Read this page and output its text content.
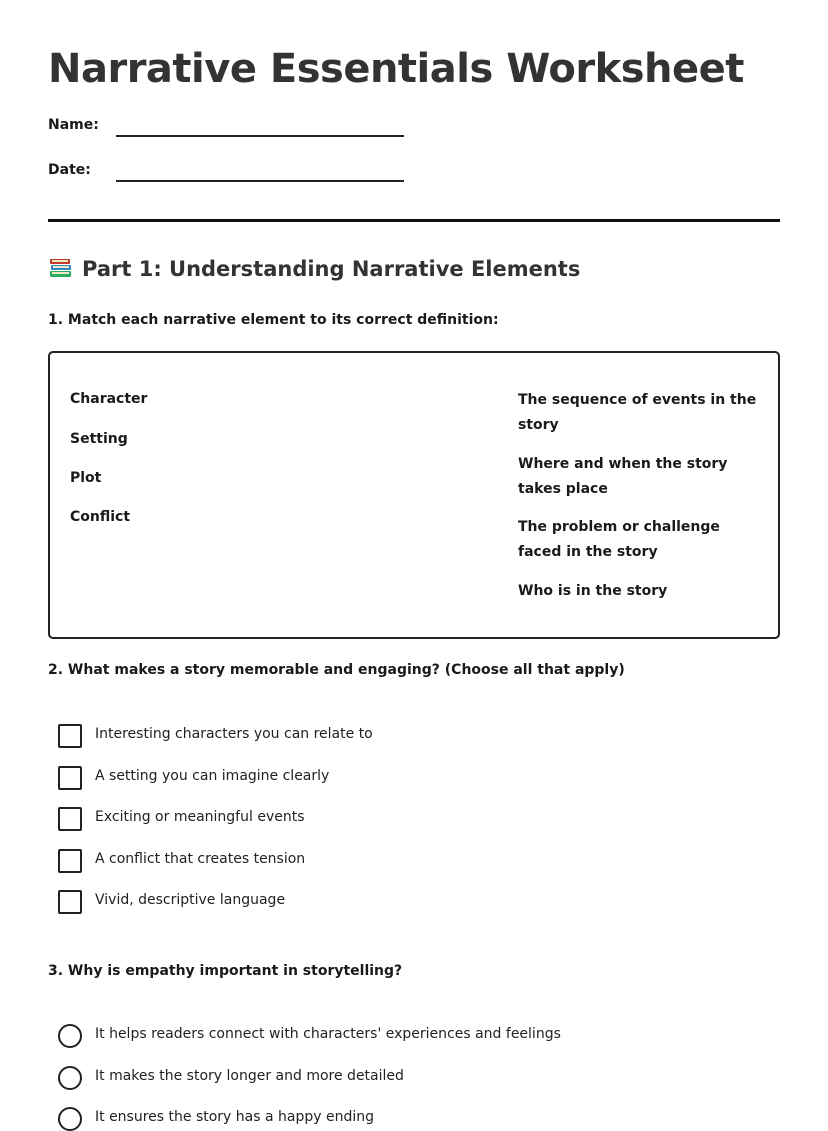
Narrative Essentials Worksheet
Name:
Date:
Part 1: Understanding Narrative Elements
1. Match each narrative element to its correct definition:
Character
Setting
Plot
Conflict
The sequence of events in the story
Where and when the story takes place
The problem or challenge faced in the story
Who is in the story
2. What makes a story memorable and engaging? (Choose all that apply)
Interesting characters you can relate to
A setting you can imagine clearly
Exciting or meaningful events
A conflict that creates tension
Vivid, descriptive language
3. Why is empathy important in storytelling?
It helps readers connect with characters' experiences and feelings
It makes the story longer and more detailed
It ensures the story has a happy ending
